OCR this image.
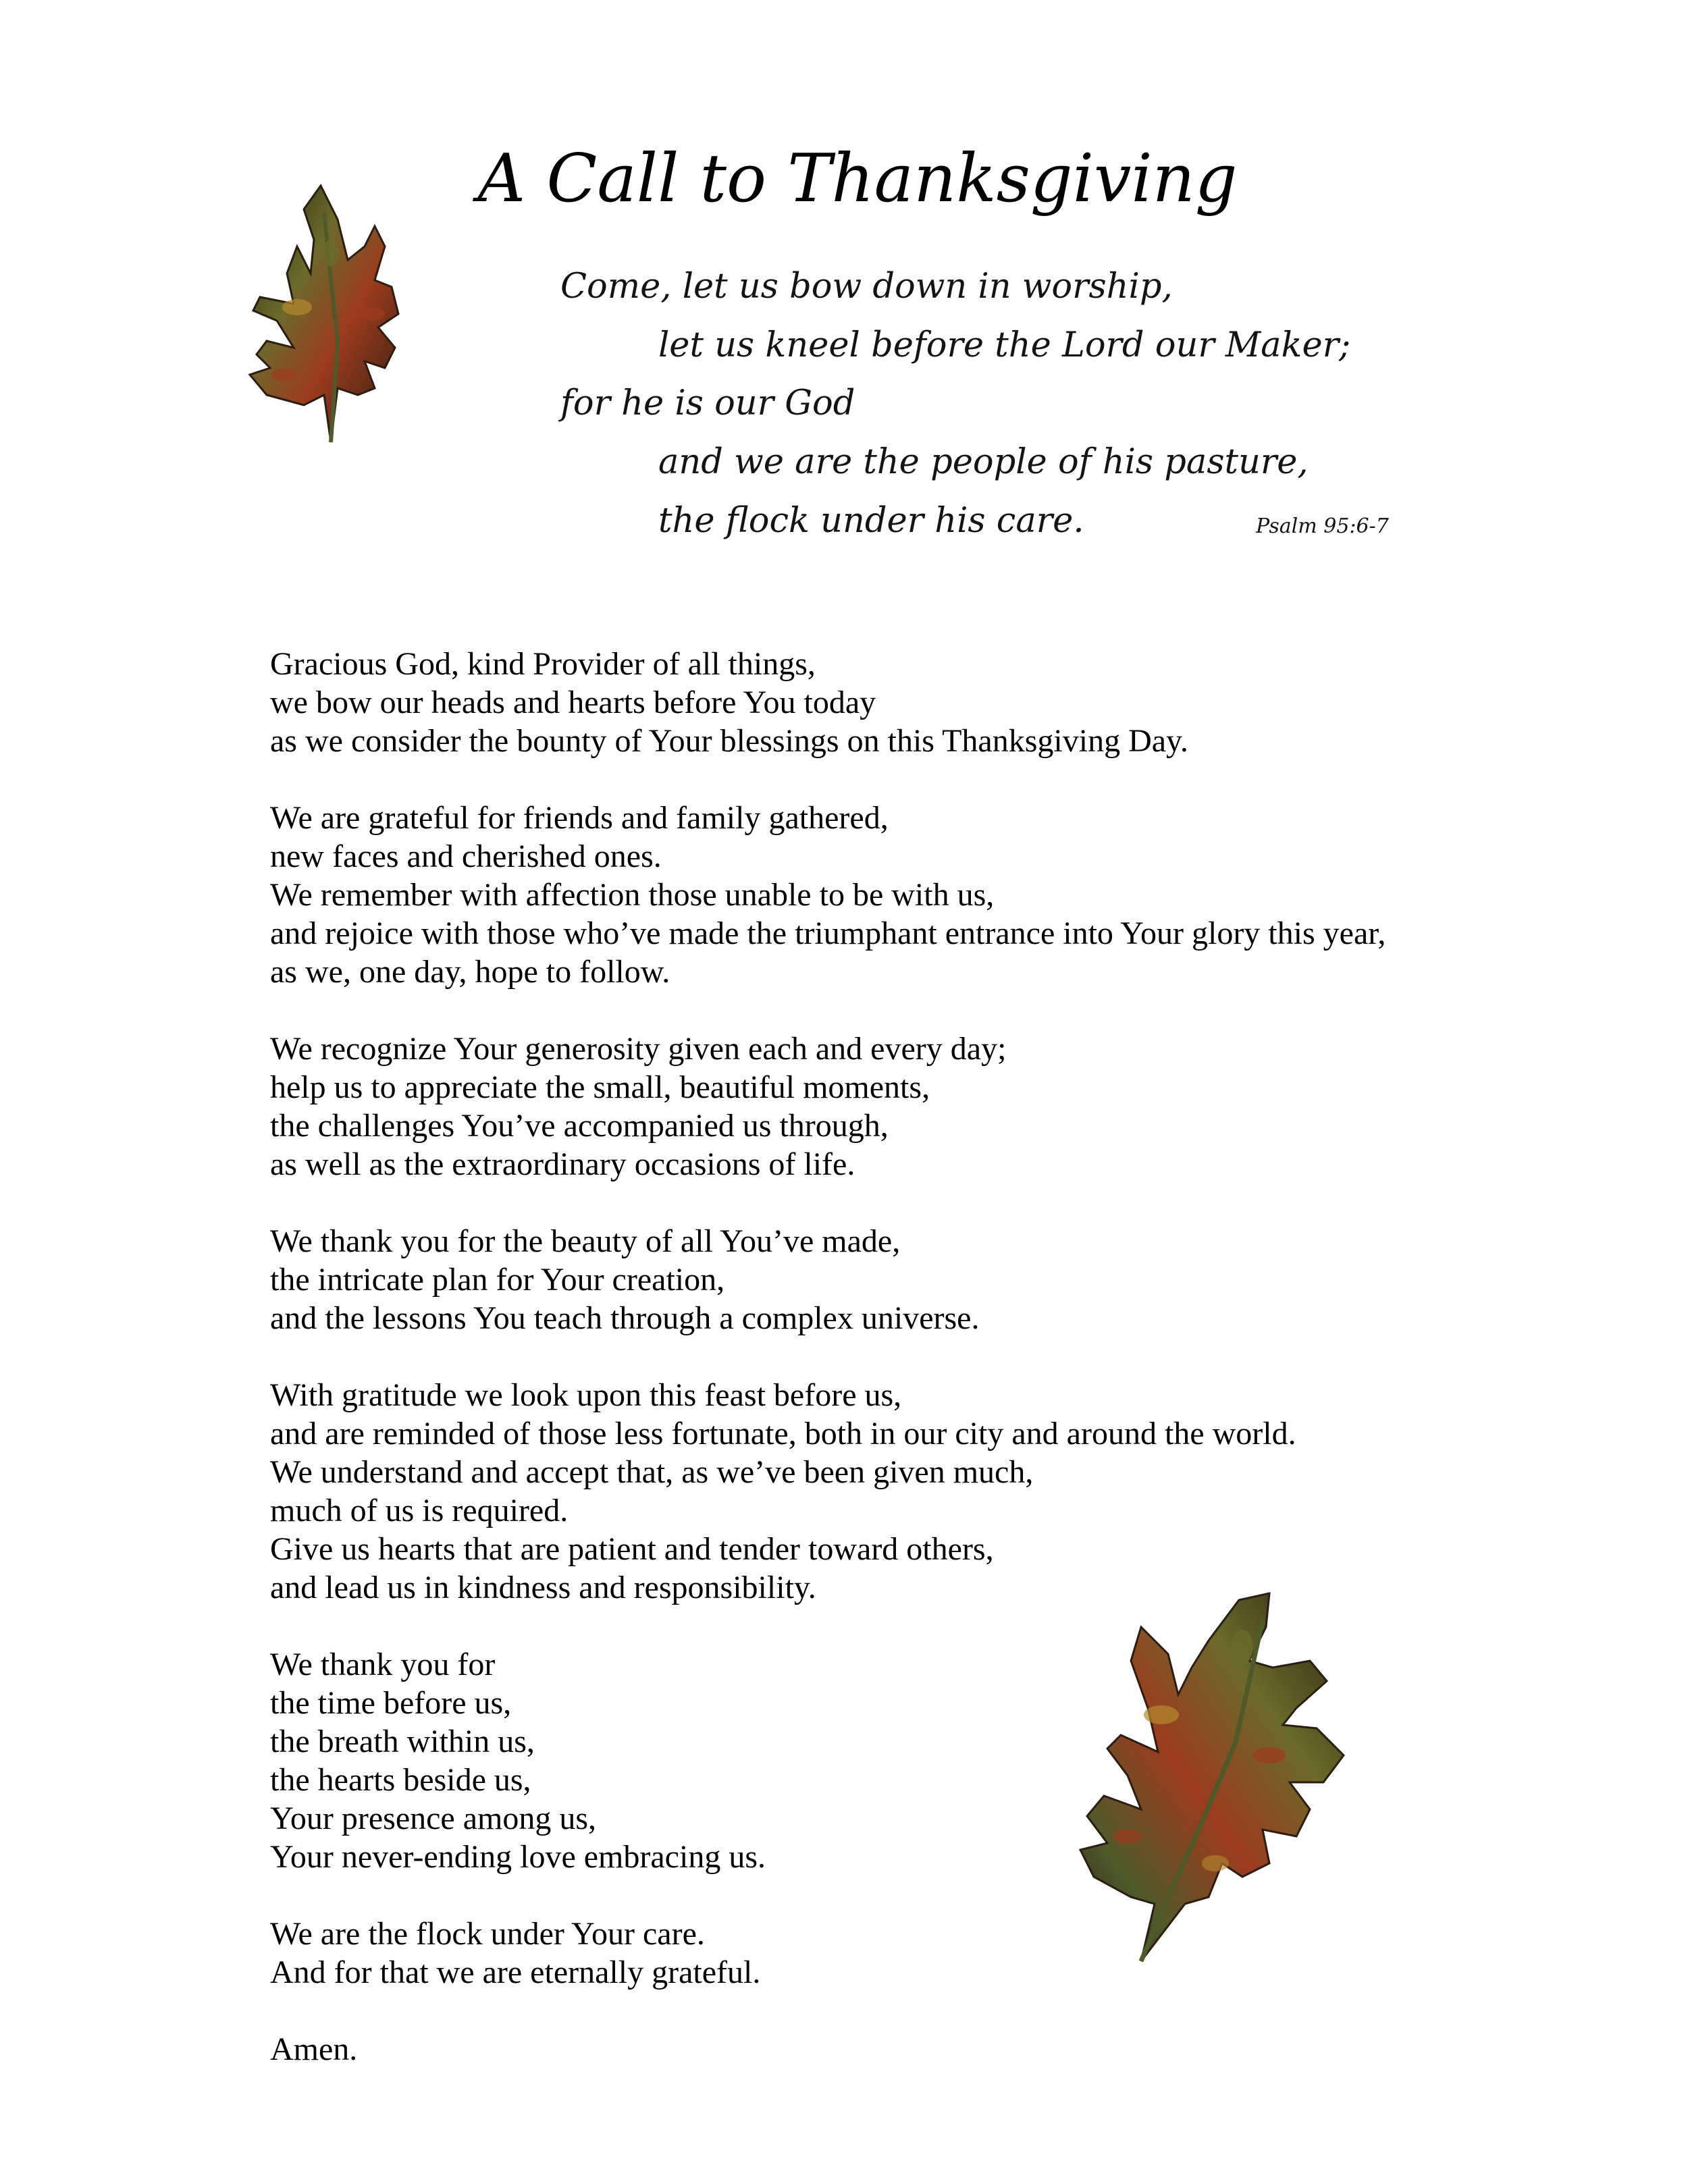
A Call to Thanksgiving
Come, let us bow down in worship,
let us kneel before the Lord our Maker;
for he is our God
and we are the people of his pasture,
the flock under his care.	Psalm 95:6-7
Gracious God, kind Provider of all things,
we bow our heads and hearts before You today
as we consider the bounty of Your blessings on this Thanksgiving Day.
We are grateful for friends and family gathered,
new faces and cherished ones.
We remember with affection those unable to be with us,
and rejoice with those who’ve made the triumphant entrance into Your glory this year,
as we, one day, hope to follow.
We recognize Your generosity given each and every day;
help us to appreciate the small, beautiful moments,
the challenges You’ve accompanied us through,
as well as the extraordinary occasions of life.
We thank you for the beauty of all You’ve made,
the intricate plan for Your creation,
and the lessons You teach through a complex universe.
With gratitude we look upon this feast before us,
and are reminded of those less fortunate, both in our city and around the world.
We understand and accept that, as we’ve been given much,
much of us is required.
Give us hearts that are patient and tender toward others,
and lead us in kindness and responsibility.
We thank you for
the time before us,
the breath within us,
the hearts beside us,
Your presence among us,
Your never-ending love embracing us.
We are the flock under Your care.
And for that we are eternally grateful.
Amen.
